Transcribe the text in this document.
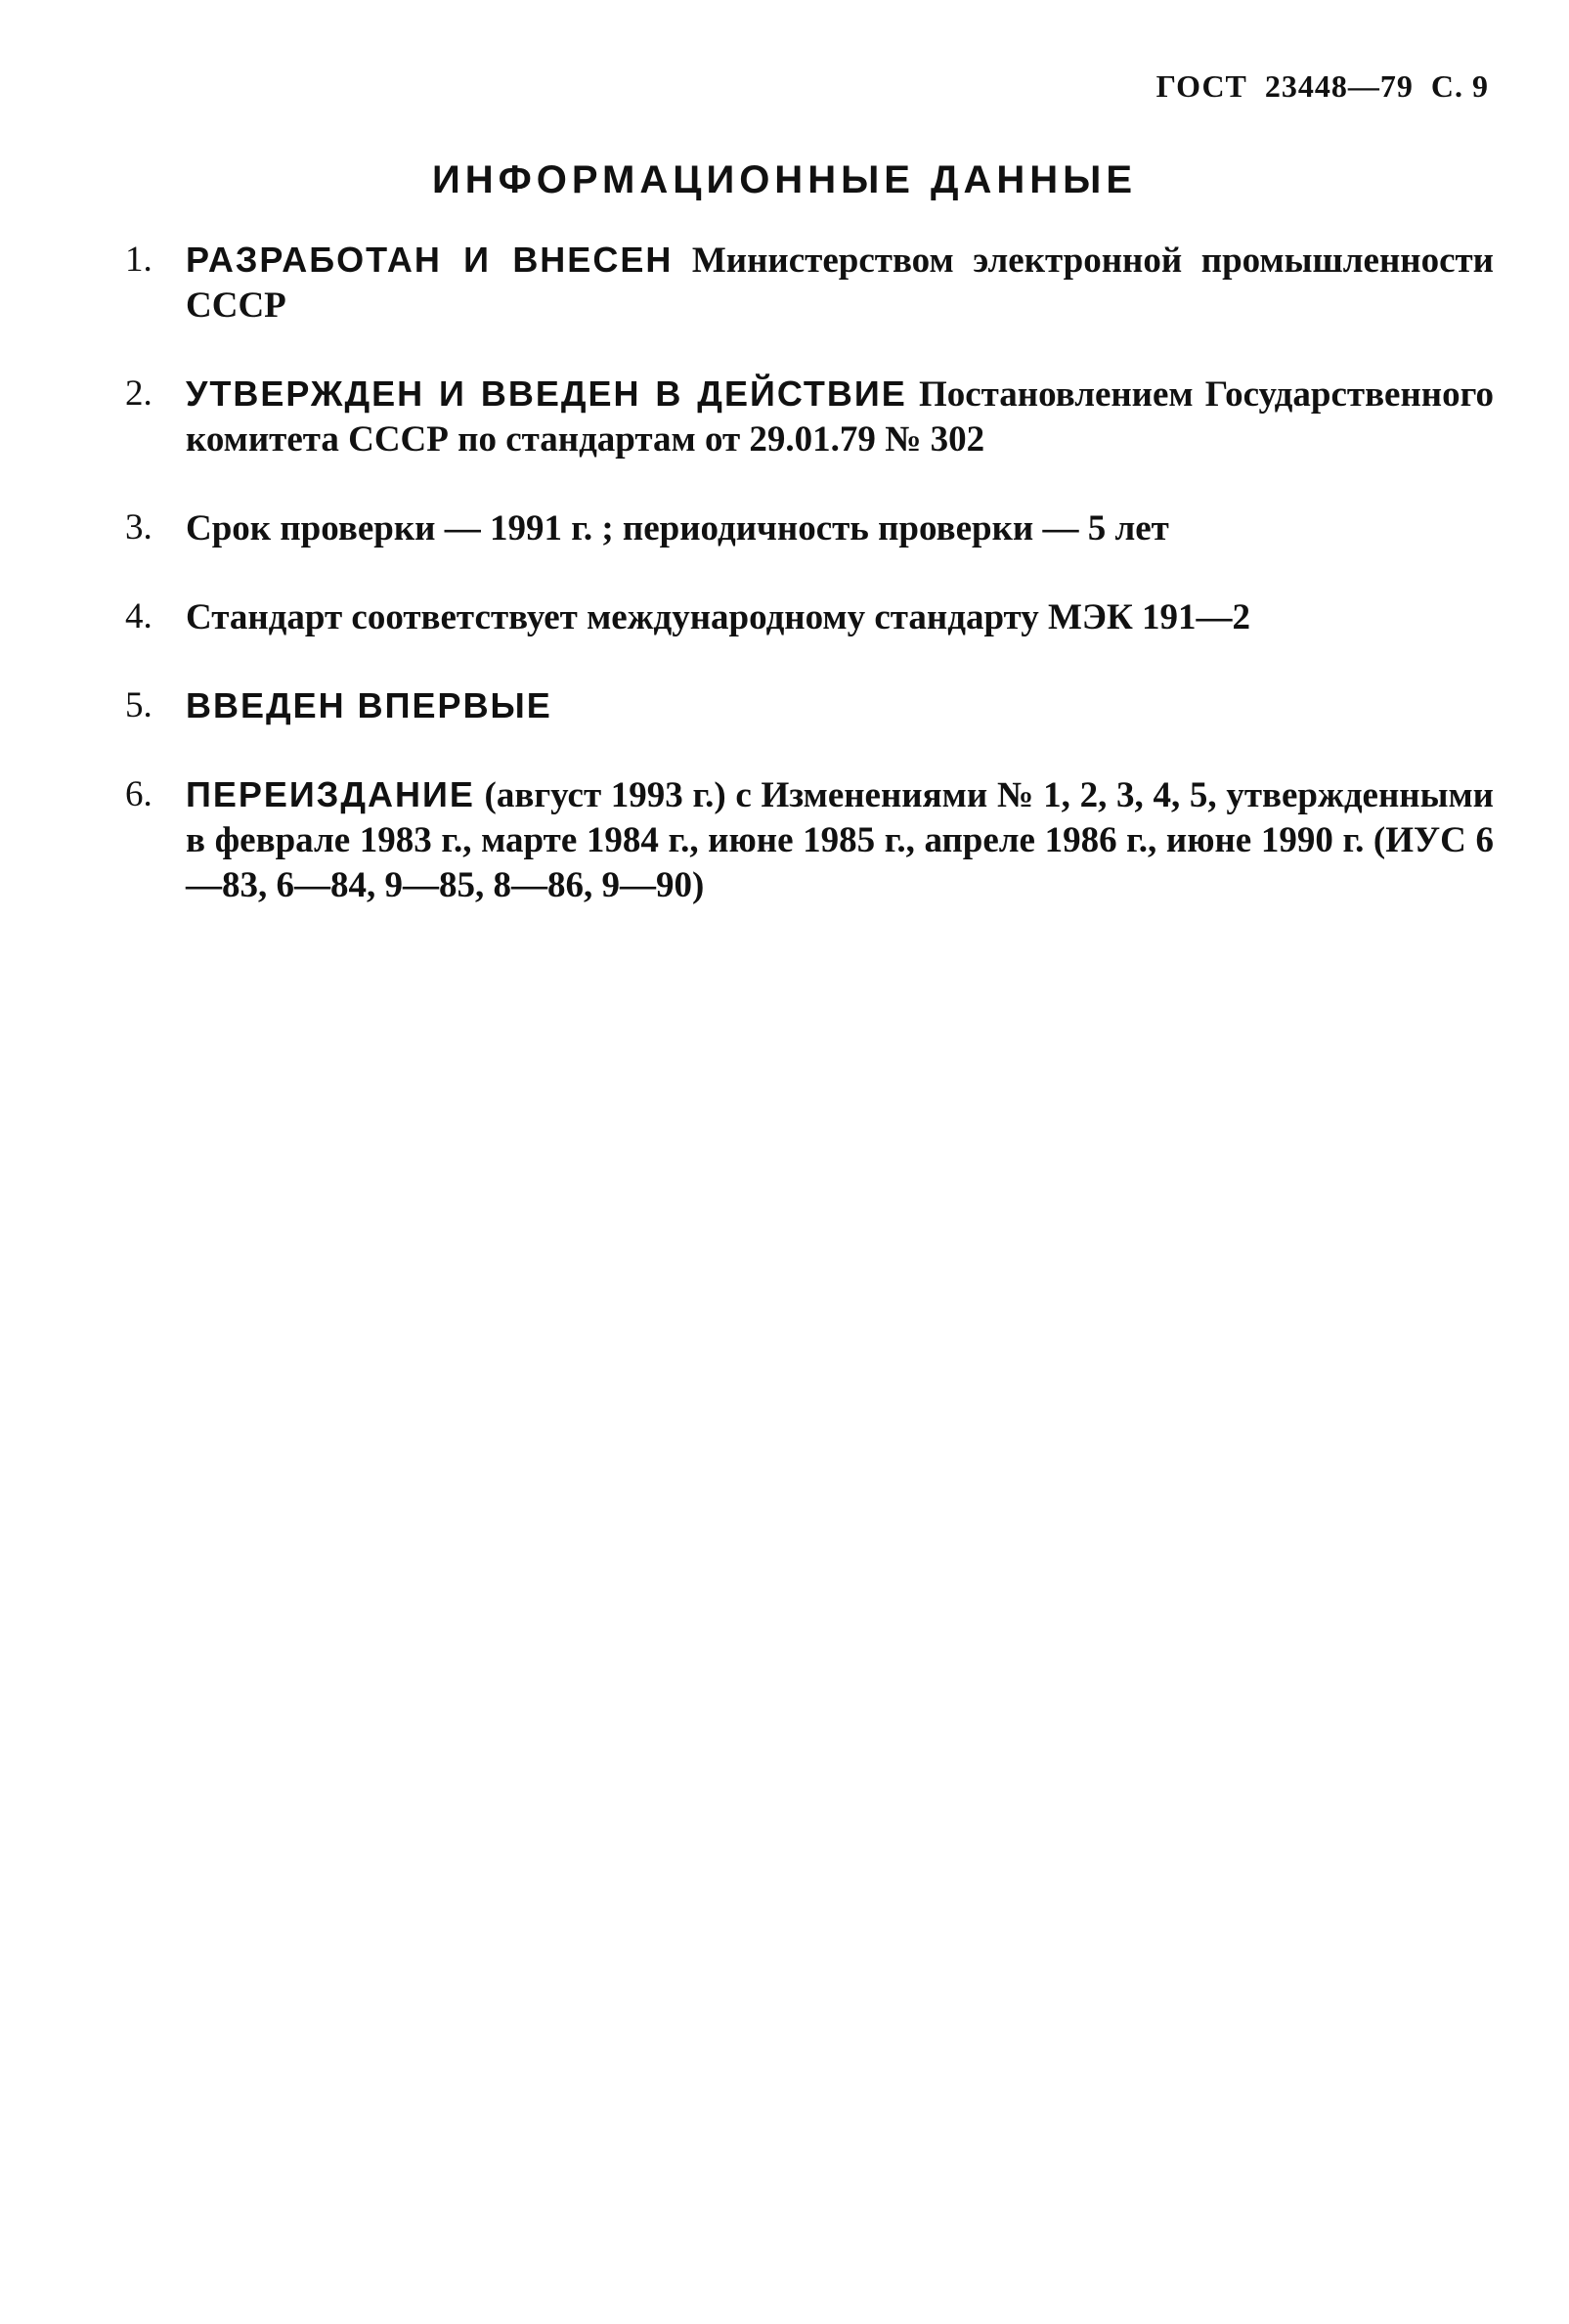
ГОСТ 23448—79 С. 9
ИНФОРМАЦИОННЫЕ ДАННЫЕ
1. РАЗРАБОТАН И ВНЕСЕН Министерством электронной промышленности СССР
2. УТВЕРЖДЕН И ВВЕДЕН В ДЕЙСТВИЕ Постановлением Государственного комитета СССР по стандартам от 29.01.79 № 302
3. Срок проверки — 1991 г. ; периодичность проверки — 5 лет
4. Стандарт соответствует международному стандарту МЭК 191—2
5. ВВЕДЕН ВПЕРВЫЕ
6. ПЕРЕИЗДАНИЕ (август 1993 г.) с Изменениями № 1, 2, 3, 4, 5, утвержденными в феврале 1983 г., марте 1984 г., июне 1985 г., апреле 1986 г., июне 1990 г. (ИУС 6—83, 6—84, 9—85, 8—86, 9—90)
